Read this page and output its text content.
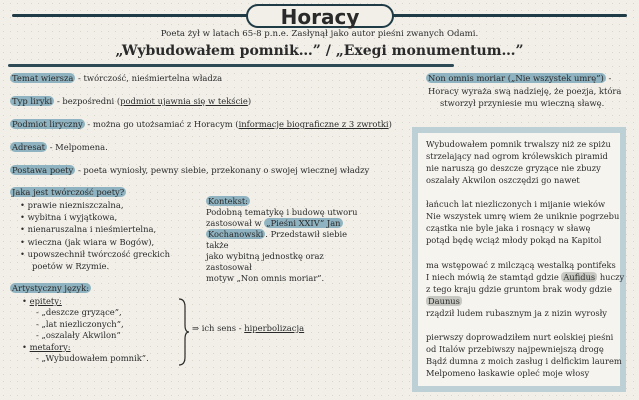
Horacy
Poeta żył w latach 65-8 p.n.e. Zasłynął jako autor pieśni zwanych Odami.
„Wybudowałem pomnik…” / „Exegi monumentum…”
Temat wiersza - twórczość, nieśmiertelna władza
Typ liryki - bezpośredni (podmiot ujawnia się w tekście)
Podmiot liryczny - można go utożsamiać z Horacym (informacje biograficzne z 3 zwrotki)
Adresat - Melpomena.
Postawa poety - poeta wyniosły, pewny siebie, przekonany o swojej wiecznej władzy
Jaka jest twórczość poety?
• prawie niezniszczalna,
• wybitna i wyjątkowa,
• nienaruszalna i nieśmiertelna,
• wieczna (jak wiara w Bogów),
• upowszechnił twórczość greckich
poetów w Rzymie.
Artystyczny język:
• epitety:
- „deszcze gryzące”,
- „lat niezliczonych”,
- „oszalały Akwilon”
• metafory:
- „Wybudowałem pomnik”.
⇒ ich sens - hiperbolizacja
Kontekst:
Podobną tematykę i budowę utworu
zastosował w „Pieśni XXIV” Jan
Kochanowski . Przedstawił siebie także
jako wybitną jednostkę oraz zastosował
motyw „Non omnis moriar”.
Non omnis moriar („Nie wszystek umrę”) -
Horacy wyraża swą nadzieję, że poezja, która
stworzył przyniesie mu wieczną sławę.
Wybudowałem pomnik trwalszy niż ze spiżu
strzelający nad ogrom królewskich piramid
nie naruszą go deszcze gryzące nie zbuzy
oszalały Akwilon oszczędzi go nawet
łańcuch lat niezliczonych i mijanie wieków
Nie wszystek umrę wiem że uniknie pogrzebu
cząstka nie byle jaka i rosnący w sławę
potąd będę wciąż młody pokąd na Kapitol
ma wstępować z milczącą westalką pontifeks
I niech mówią że stamtąd gdzie Aufidus huczy
z tego kraju gdzie gruntom brak wody gdzie
Daunus
rządził ludem rubasznym ja z nizin wyrosły
pierwszy doprowadziłem nurt eolskiej pieśni
od Italów przebiwszy najpewniejszą drogę
Bądź dumna z moich zasług i delfickim laurem
Melpomeno łaskawie opleć moje włosy
